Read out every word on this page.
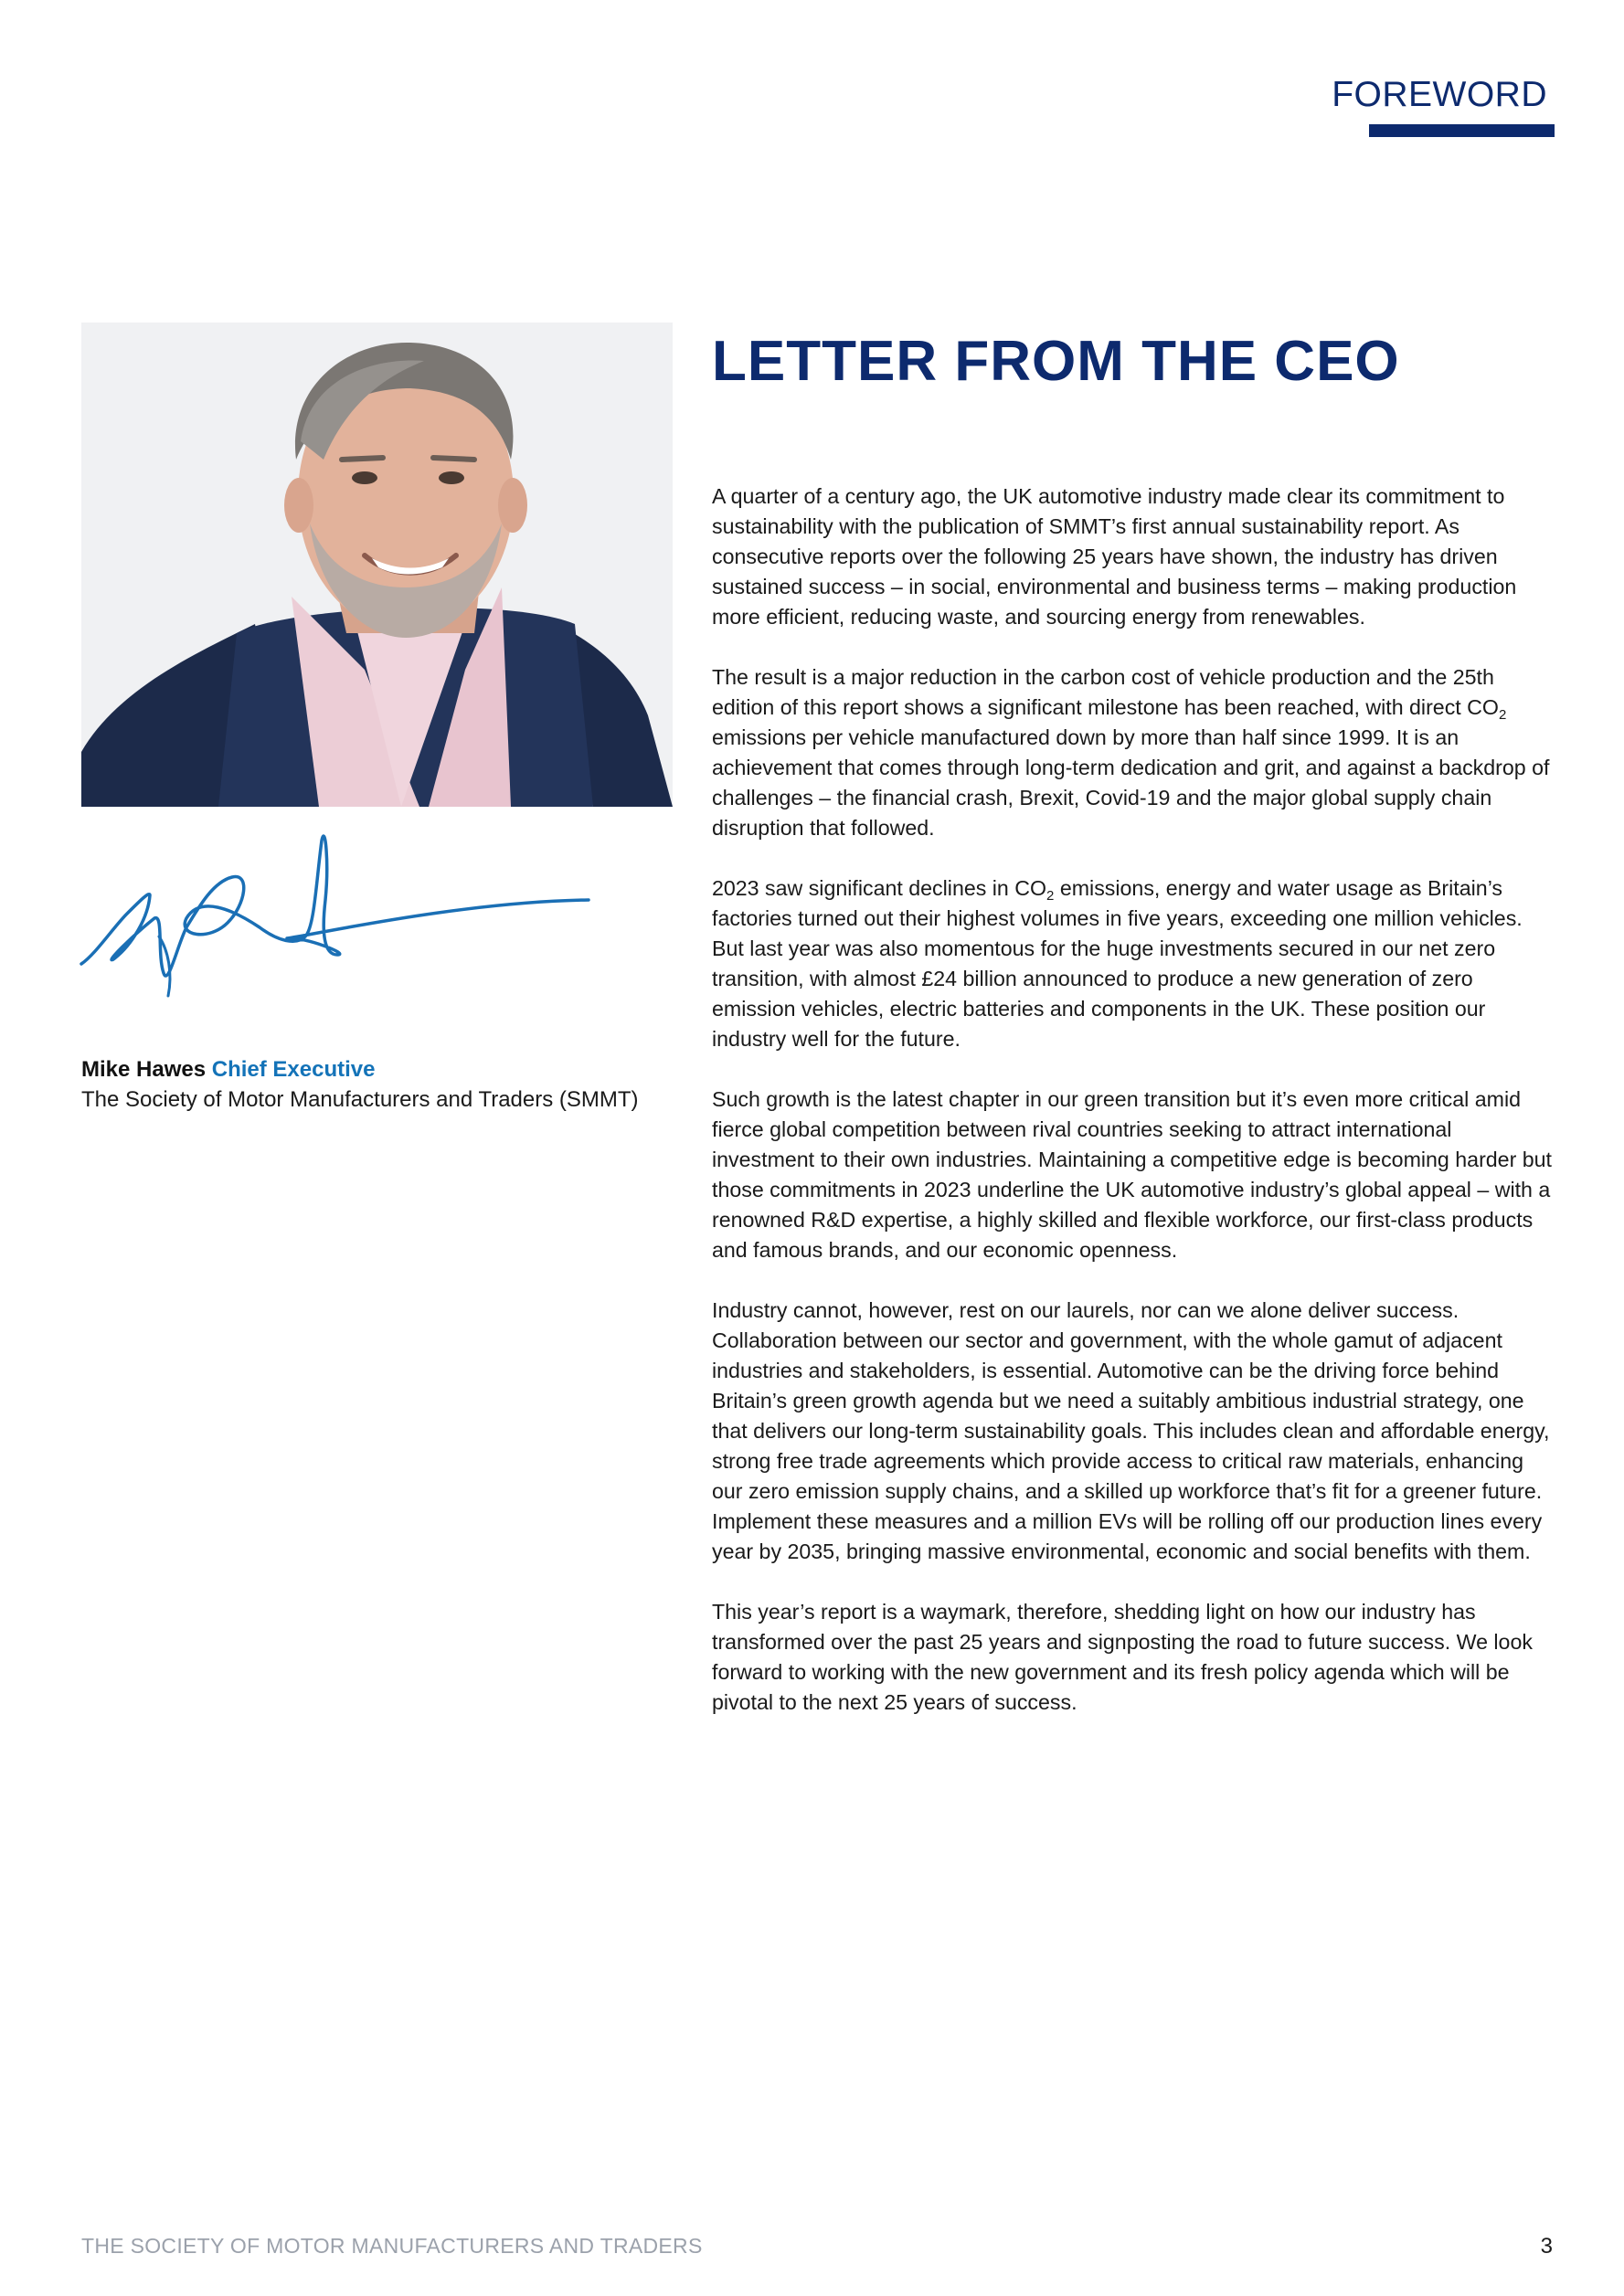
FOREWORD
Mike Hawes Chief Executive
The Society of Motor Manufacturers and Traders (SMMT)
LETTER FROM THE CEO

A quarter of a century ago, the UK automotive industry made clear its commitment to sustainability with the publication of SMMT’s first annual sustainability report. As consecutive reports over the following 25 years have shown, the industry has driven sustained success – in social, environmental and business terms – making production more efficient, reducing waste, and sourcing energy from renewables.

The result is a major reduction in the carbon cost of vehicle production and the 25th edition of this report shows a significant milestone has been reached, with direct $CO_2$ emissions per vehicle manufactured down by more than half since 1999. It is an achievement that comes through long-term dedication and grit, and against a backdrop of challenges – the financial crash, Brexit, Covid-19 and the major global supply chain disruption that followed.

2023 saw significant declines in $CO_2$ emissions, energy and water usage as Britain’s factories turned out their highest volumes in five years, exceeding one million vehicles. But last year was also momentous for the huge investments secured in our net zero transition, with almost £24 billion announced to produce a new generation of zero emission vehicles, electric batteries and components in the UK. These position our industry well for the future.

Such growth is the latest chapter in our green transition but it’s even more critical amid fierce global competition between rival countries seeking to attract international investment to their own industries. Maintaining a competitive edge is becoming harder but those commitments in 2023 underline the UK automotive industry’s global appeal – with a renowned R&D expertise, a highly skilled and flexible workforce, our first-class products and famous brands, and our economic openness.

Industry cannot, however, rest on our laurels, nor can we alone deliver success. Collaboration between our sector and government, with the whole gamut of adjacent industries and stakeholders, is essential. Automotive can be the driving force behind Britain’s green growth agenda but we need a suitably ambitious industrial strategy, one that delivers our long-term sustainability goals. This includes clean and affordable energy, strong free trade agreements which provide access to critical raw materials, enhancing our zero emission supply chains, and a skilled up workforce that’s fit for a greener future. Implement these measures and a million EVs will be rolling off our production lines every year by 2035, bringing massive environmental, economic and social benefits with them.

This year’s report is a waymark, therefore, shedding light on how our industry has transformed over the past 25 years and signposting the road to future success. We look forward to working with the new government and its fresh policy agenda which will be pivotal to the next 25 years of success.

THE SOCIETY OF MOTOR MANUFACTURERS AND TRADERS	3
